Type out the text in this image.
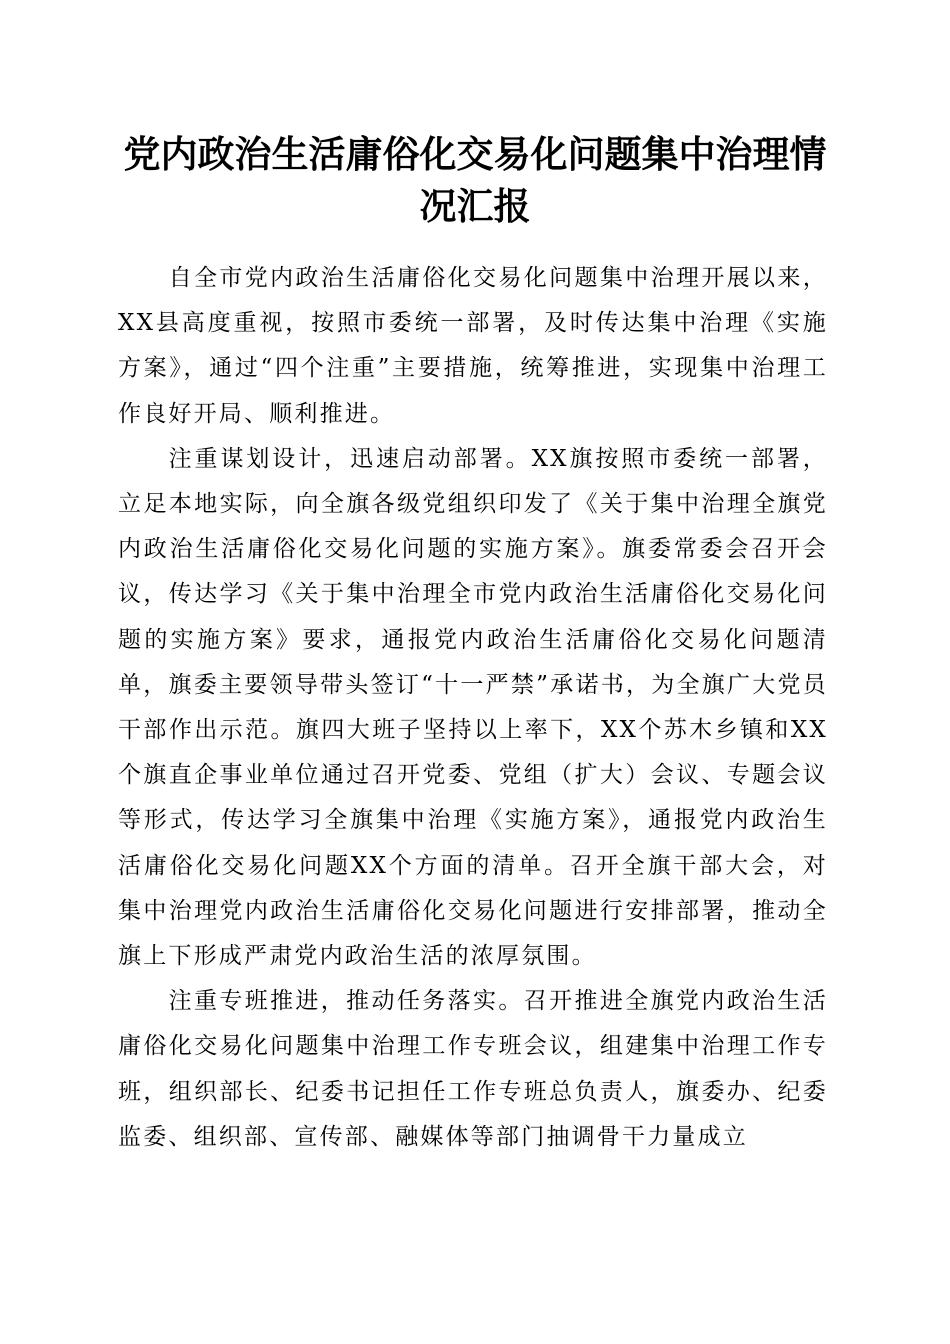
党内政治生活庸俗化交易化问题集中治理情况汇报

自全市党内政治生活庸俗化交易化问题集中治理开展以来，XX县高度重视，按照市委统一部署，及时传达集中治理《实施方案》，通过“四个注重”主要措施，统筹推进，实现集中治理工作良好开局、顺利推进。

注重谋划设计，迅速启动部署。XX旗按照市委统一部署，立足本地实际，向全旗各级党组织印发了《关于集中治理全旗党内政治生活庸俗化交易化问题的实施方案》。旗委常委会召开会议，传达学习《关于集中治理全市党内政治生活庸俗化交易化问题的实施方案》要求，通报党内政治生活庸俗化交易化问题清单，旗委主要领导带头签订“十一严禁”承诺书，为全旗广大党员干部作出示范。旗四大班子坚持以上率下，XX个苏木乡镇和XX个旗直企事业单位通过召开党委、党组（扩大）会议、专题会议等形式，传达学习全旗集中治理《实施方案》，通报党内政治生活庸俗化交易化问题XX个方面的清单。召开全旗干部大会，对集中治理党内政治生活庸俗化交易化问题进行安排部署，推动全旗上下形成严肃党内政治生活的浓厚氛围。

注重专班推进，推动任务落实。召开推进全旗党内政治生活庸俗化交易化问题集中治理工作专班会议，组建集中治理工作专班，组织部长、纪委书记担任工作专班总负责人，旗委办、纪委监委、组织部、宣传部、融媒体等部门抽调骨干力量成立
